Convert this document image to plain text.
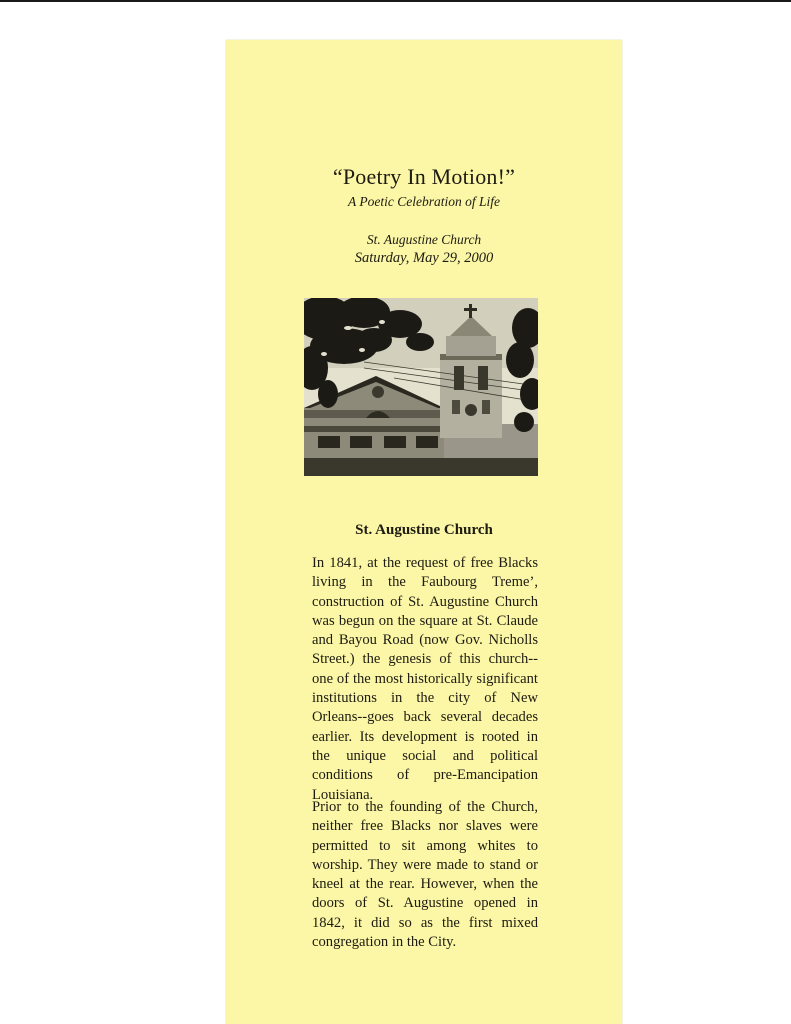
“Poetry In Motion!”
A Poetic Celebration of Life
St. Augustine Church
Saturday, May 29, 2000
St. Augustine Church

In 1841, at the request of free Blacks living in the Faubourg Treme’, construction of St. Augustine Church was begun on the square at St. Claude and Bayou Road (now Gov. Nicholls Street.) the genesis of this church-- one of the most historically significant institutions in the city of New Orleans--goes back several decades earlier. Its development is rooted in the unique social and political conditions of pre-Emancipation Louisiana.

Prior to the founding of the Church, neither free Blacks nor slaves were permitted to sit among whites to worship. They were made to stand or kneel at the rear. However, when the doors of St. Augustine opened in 1842, it did so as the first mixed congregation in the City.
